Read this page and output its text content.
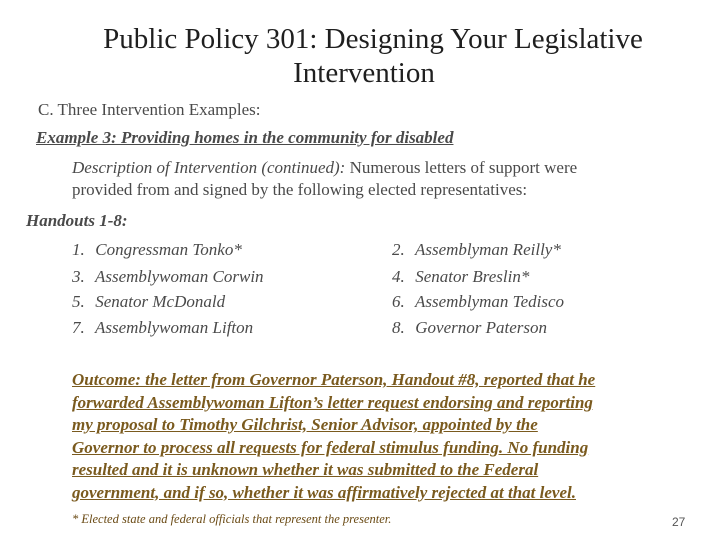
Public Policy 301: Designing Your Legislative
Intervention
C. Three Intervention Examples:
Example 3: Providing homes in the community for disabled
Description of Intervention (continued): Numerous letters of support were
provided from and signed by the following elected representatives:
Handouts 1-8:
1. Congressman Tonko*
3. Assemblywoman Corwin
5. Senator McDonald
7. Assemblywoman Lifton
2. Assemblyman Reilly*
4. Senator Breslin*
6. Assemblyman Tedisco
8. Governor Paterson
Outcome: the letter from Governor Paterson, Handout #8, reported that he
forwarded Assemblywoman Lifton’s letter request endorsing and reporting
my proposal to Timothy Gilchrist, Senior Advisor, appointed by the
Governor to process all requests for federal stimulus funding. No funding
resulted and it is unknown whether it was submitted to the Federal
government, and if so, whether it was affirmatively rejected at that level.
* Elected state and federal officials that represent the presenter.	27
